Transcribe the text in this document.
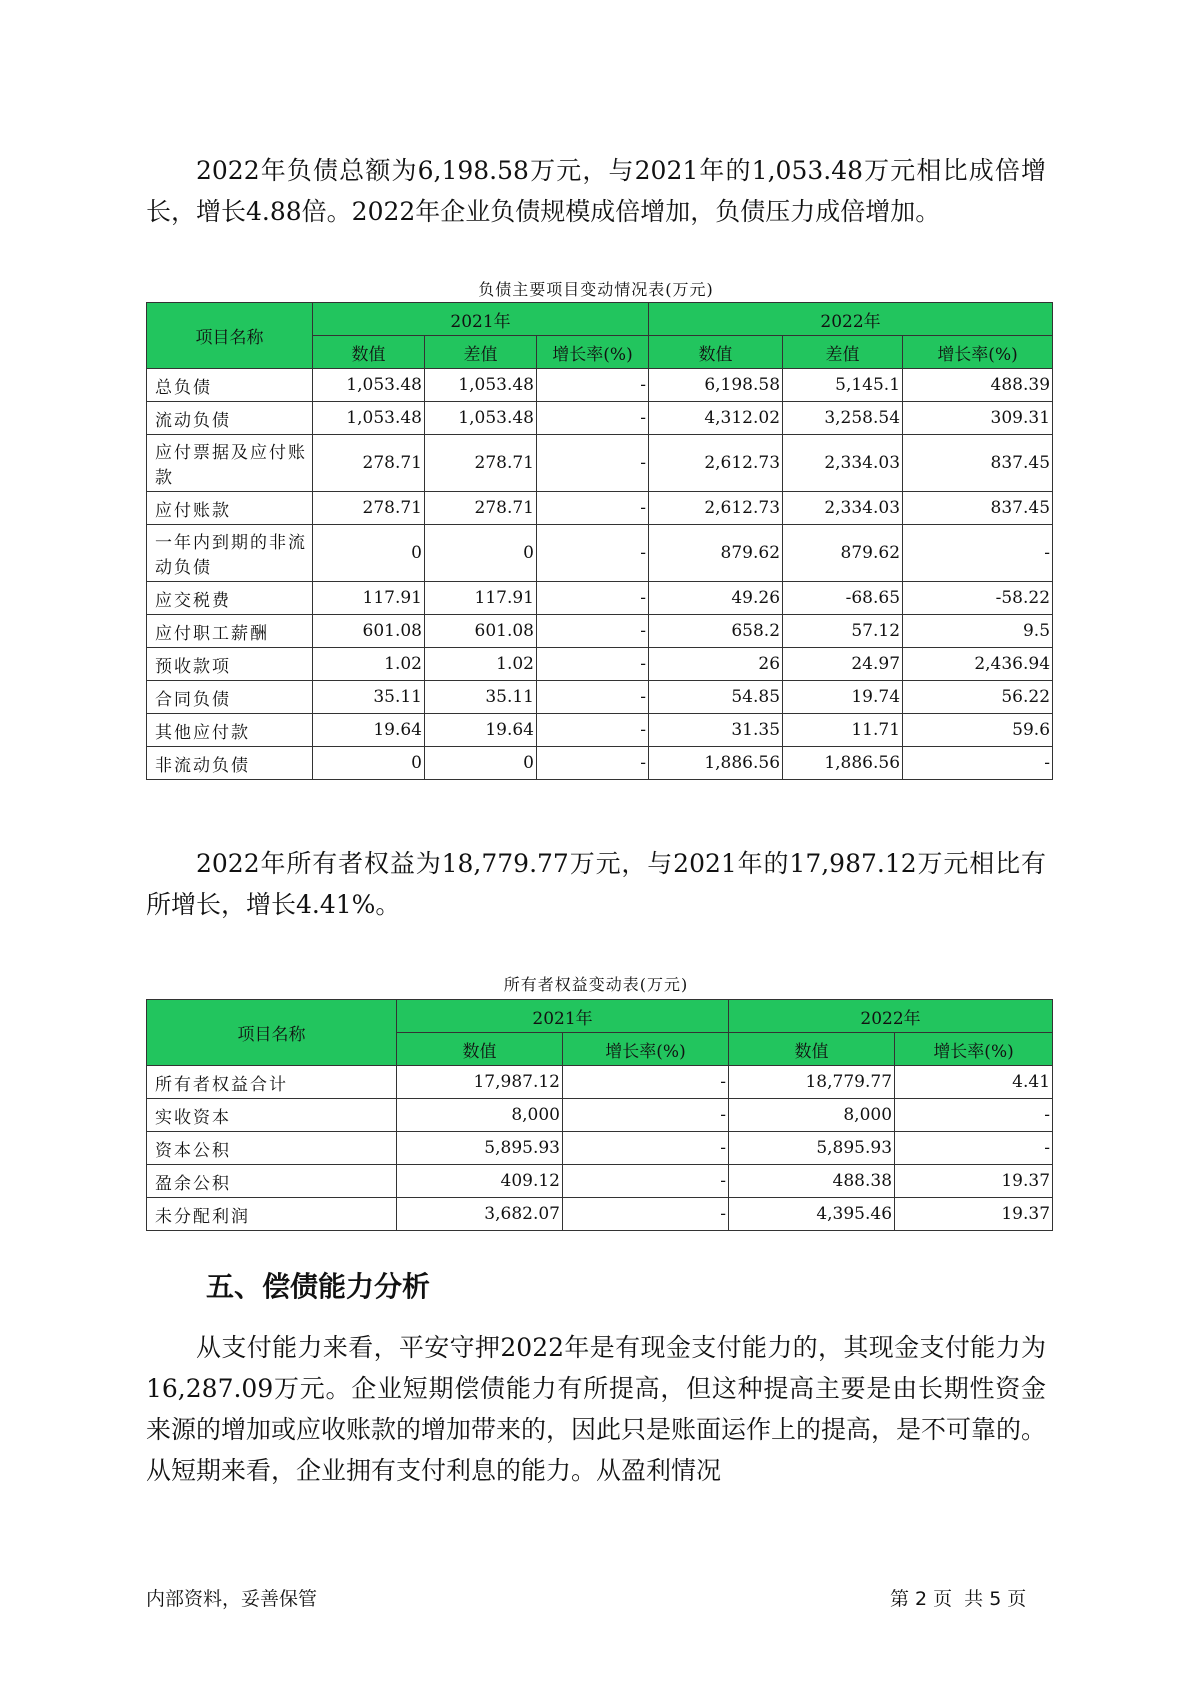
2022年负债总额为6,198.58万元，与2021年的1,053.48万元相比成倍增长，增长4.88倍。2022年企业负债规模成倍增加，负债压力成倍增加。

负债主要项目变动情况表(万元)
项目名称	2021年			2022年		
	数值	差值	增长率(%)	数值	差值	增长率(%)
总负债	1,053.48	1,053.48	-	6,198.58	5,145.1	488.39
流动负债	1,053.48	1,053.48	-	4,312.02	3,258.54	309.31
应付票据及应付账款	278.71	278.71	-	2,612.73	2,334.03	837.45
应付账款	278.71	278.71	-	2,612.73	2,334.03	837.45
一年内到期的非流动负债	0	0	-	879.62	879.62	-
应交税费	117.91	117.91	-	49.26	-68.65	-58.22
应付职工薪酬	601.08	601.08	-	658.2	57.12	9.5
预收款项	1.02	1.02	-	26	24.97	2,436.94
合同负债	35.11	35.11	-	54.85	19.74	56.22
其他应付款	19.64	19.64	-	31.35	11.71	59.6
非流动负债	0	0	-	1,886.56	1,886.56	-

2022年所有者权益为18,779.77万元，与2021年的17,987.12万元相比有所增长，增长4.41%。

所有者权益变动表(万元)
项目名称	2021年		2022年	
	数值	增长率(%)	数值	增长率(%)
所有者权益合计	17,987.12	-	18,779.77	4.41
实收资本	8,000	-	8,000	-
资本公积	5,895.93	-	5,895.93	-
盈余公积	409.12	-	488.38	19.37
未分配利润	3,682.07	-	4,395.46	19.37
五、偿债能力分析

从支付能力来看，平安守押2022年是有现金支付能力的，其现金支付能力为16,287.09万元。企业短期偿债能力有所提高，但这种提高主要是由长期性资金来源的增加或应收账款的增加带来的，因此只是账面运作上的提高，是不可靠的。从短期来看，企业拥有支付利息的能力。从盈利情况

内部资料，妥善保管	第 2 页 共 5 页
